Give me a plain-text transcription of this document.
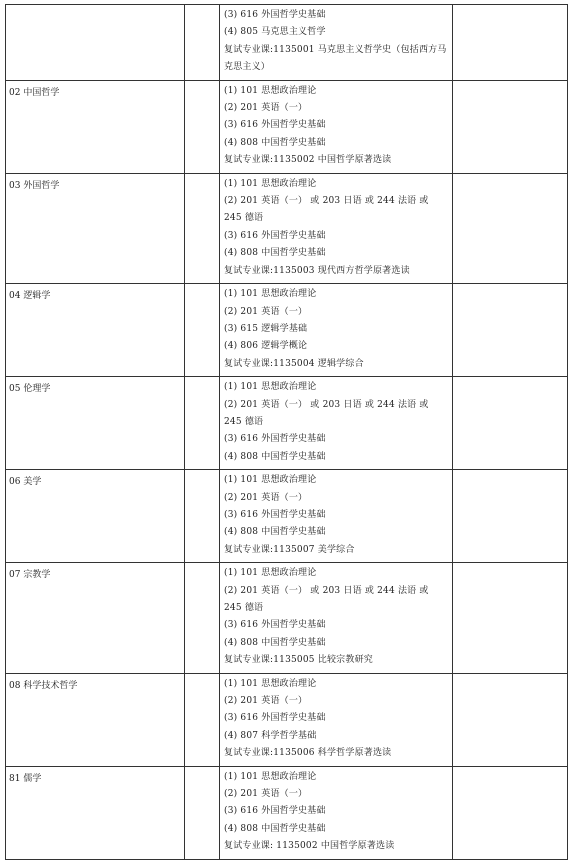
		(3) 616 外国哲学史基础
(4) 805 马克思主义哲学
复试专业课:1135001 马克思主义哲学史（包括西方马克思主义）	

02 中国哲学		(1) 101 思想政治理论
(2) 201 英语（一）
(3) 616 外国哲学史基础
(4) 808 中国哲学史基础
复试专业课:1135002 中国哲学原著选读	

03 外国哲学		(1) 101 思想政治理论
(2) 201 英语（一） 或 203 日语 或 244 法语 或 245 德语
(3) 616 外国哲学史基础
(4) 808 中国哲学史基础
复试专业课:1135003 现代西方哲学原著选读	

04 逻辑学		(1) 101 思想政治理论
(2) 201 英语（一）
(3) 615 逻辑学基础
(4) 806 逻辑学概论
复试专业课:1135004 逻辑学综合	

05 伦理学		(1) 101 思想政治理论
(2) 201 英语（一） 或 203 日语 或 244 法语 或 245 德语
(3) 616 外国哲学史基础
(4) 808 中国哲学史基础	

06 美学		(1) 101 思想政治理论
(2) 201 英语（一）
(3) 616 外国哲学史基础
(4) 808 中国哲学史基础
复试专业课:1135007 美学综合	

07 宗教学		(1) 101 思想政治理论
(2) 201 英语（一） 或 203 日语 或 244 法语 或 245 德语
(3) 616 外国哲学史基础
(4) 808 中国哲学史基础
复试专业课:1135005 比较宗教研究	

08 科学技术哲学		(1) 101 思想政治理论
(2) 201 英语（一）
(3) 616 外国哲学史基础
(4) 807 科学哲学基础
复试专业课:1135006 科学哲学原著选读	

81 儒学		(1) 101 思想政治理论
(2) 201 英语（一）
(3) 616 外国哲学史基础
(4) 808 中国哲学史基础
复试专业课: 1135002 中国哲学原著选读	
